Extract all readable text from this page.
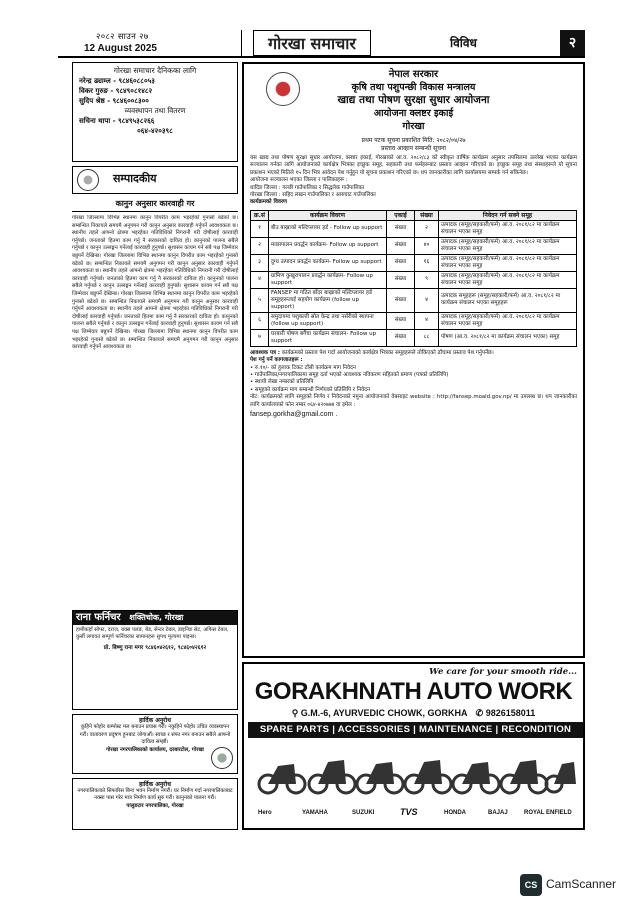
२०८२ साउन २७
12 August 2025	गोरखा समाचार	विविध	२
गोरखा समाचार दैनिकका लागि
नरेन्द्र ढ्याम्ल - ९८४६०८८०५३
विकर गुरुङ - ९८४९०८१४८२
सुदिप श्रेष्ठ - ९८४६००८३००
व्यवस्थापन तथा वितरण
सचिना थापा - ९८४९५३८२६६
०६४-४२०३९८
सम्पादकीय
कानुन अनुसार कारवाही गर
गोरखा जिल्लामा विभिन्न स्थानमा कानुन विपरीत काम भइरहेको गुनासो बढेको छ। सम्बन्धित निकायले समयमै अनुगमन गरी कानुन अनुसार कारवाही गर्नुपर्ने आवश्यकता छ। स्थानीय तहले आफ्नो क्षेत्रमा भइरहेका गतिविधिको निगरानी गरी दोषीलाई कारवाही गर्नुपर्छ। जनताको हितमा काम गर्नु नै सरकारको दायित्व हो। कानुनको पालना सबैले गर्नुपर्छ र कानुन उल्लङ्घन गर्नेलाई कारवाही हुनुपर्छ। सुशासन कायम गर्न सबै पक्ष जिम्मेवार बन्नुपर्ने देखिन्छ। गोरखा जिल्लामा विभिन्न स्थानमा कानुन विपरीत काम भइरहेको गुनासो बढेको छ। सम्बन्धित निकायले समयमै अनुगमन गरी कानुन अनुसार कारवाही गर्नुपर्ने आवश्यकता छ। स्थानीय तहले आफ्नो क्षेत्रमा भइरहेका गतिविधिको निगरानी गरी दोषीलाई कारवाही गर्नुपर्छ। जनताको हितमा काम गर्नु नै सरकारको दायित्व हो। कानुनको पालना सबैले गर्नुपर्छ र कानुन उल्लङ्घन गर्नेलाई कारवाही हुनुपर्छ। सुशासन कायम गर्न सबै पक्ष जिम्मेवार बन्नुपर्ने देखिन्छ। गोरखा जिल्लामा विभिन्न स्थानमा कानुन विपरीत काम भइरहेको गुनासो बढेको छ। सम्बन्धित निकायले समयमै अनुगमन गरी कानुन अनुसार कारवाही गर्नुपर्ने आवश्यकता छ। स्थानीय तहले आफ्नो क्षेत्रमा भइरहेका गतिविधिको निगरानी गरी दोषीलाई कारवाही गर्नुपर्छ। जनताको हितमा काम गर्नु नै सरकारको दायित्व हो। कानुनको पालना सबैले गर्नुपर्छ र कानुन उल्लङ्घन गर्नेलाई कारवाही हुनुपर्छ। सुशासन कायम गर्न सबै पक्ष जिम्मेवार बन्नुपर्ने देखिन्छ। गोरखा जिल्लामा विभिन्न स्थानमा कानुन विपरीत काम भइरहेको गुनासो बढेको छ। सम्बन्धित निकायले समयमै अनुगमन गरी कानुन अनुसार कारवाही गर्नुपर्ने आवश्यकता छ।
राना फर्निचर शक्तिचोक, गोरखा
हामीकहाँ सोफा, दराज, बक्स पलङ, बेड, सेन्टर टेबल, डाइनिङ सेट, अफिस टेबल, कुर्सी लगायत सम्पूर्ण फर्निचरका सामानहरू सुपथ मूल्यमा पाइन्छ।
प्रो. बिष्णु राना मगर ९८४६०४२६१२, ९८४६०४२६१२
हार्दिक अनुरोध
कुहिने फोहोर कम्पोस्ट मल बनाउन प्रयास गरौं। नकुहिने फोहोर उचित व्यवस्थापन गरौं। वातावरण प्रदूषण हुनबाट जोगाऔं। स्वच्छ र सफा नगर बनाउन सबैले आफ्नो दायित्व सम्झौं।
गोरखा नगरपालिकाको कार्यालय, दरबारटोल, गोरखा
हार्दिक अनुरोध
नगरपालिकाको सिफारिस बिना भवन निर्माण नगरौं। घर निर्माण गर्दा नगरपालिकाबाट नक्सा पास गरेर मात्र निर्माण कार्य सुरु गरौं। कानुनको पालना गरौं।
पालुङटार नगरपालिका, गोरखा
नेपाल सरकार
कृषि तथा पशुपन्छी विकास मन्त्रालय
खाद्य तथा पोषण सुरक्षा सुधार आयोजना
आयोजना क्लष्टर इकाई
गोरखा
प्रथम पटक सूचना प्रकाशित मिति: २०८२/०४/२७
प्रस्ताव आव्हान सम्बन्धी सूचना
यस खाद्य तथा पोषण सुरक्षा सुधार आयोजना, क्लष्टर इकाई, गोरखाको आ.व. २०८२/८३ को स्वीकृत वार्षिक कार्यक्रम अनुसार तपसिलमा उल्लेख भएका कार्यक्रम सञ्चालन गर्नका लागि आयोजनाको कार्यक्षेत्र भित्रका इच्छुक समूह, सहकारी तथा फर्महरूबाट प्रस्ताव आव्हान गरिएको छ। इच्छुक समूह तथा संस्थाहरूले यो सूचना प्रकाशन भएको मितिले १५ दिन भित्र आवेदन पेश गर्नुहुन यो सूचना प्रकाशन गरिएको छ। थप जानकारीका लागि कार्यालयमा सम्पर्क गर्न सकिनेछ।
आयोजना सञ्चालन भएका जिल्ला र पालिकाहरू :
धादिङ जिल्ला : गल्छी गाउँपालिका र सिद्धलेक गाउँपालिका
गोरखा जिल्ला : सहिद लखन गाउँपालिका र आरुघाट गाउँपालिका
कार्यक्रमको विवरण
क्र.सं	कार्यक्रम विवरण	एकाई	संख्या	निवेदन गर्न सक्ने समूह
१	बीउ बाख्राको मल्टिप्लायर हर्ड - Follow up support	संख्या	२	उत्पादक (समूह/सहकारी/फर्म) आ.व. २०८१/८२ मा कार्यक्रम संचालन भएका समूह
२	माछापालन प्रवर्द्धन कार्यक्रम- Follow up support	संख्या	४०	उत्पादक (समूह/सहकारी/फर्म) आ.व. २०८१/८२ मा कार्यक्रम संचालन भएका समूह
३	दुग्ध उत्पादन प्रवर्द्धन कार्यक्रम- Follow up support	संख्या	१६	उत्पादक (समूह/सहकारी/फर्म) आ.व. २०८१/८२ मा कार्यक्रम संचालन भएका समूह
४	ग्रामिण कुखुरापालन प्रवर्द्धन कार्यक्रम- Follow up support	संख्या	९	उत्पादक (समूह/सहकारी/फर्म) आ.व. २०८१/८२ मा कार्यक्रम संचालन भएका समूह
५	FANSEP मा गठित बाँदर बाख्राको मल्टिप्लायर हर्ड समूहहरूलाई सहयोग कार्यक्रम (follow up support)	संख्या	४	उत्पादक समूहहरू (समूह/सहकारी/फर्म) आ.व. २०८१/८२ मा कार्यक्रम संचालन भएका समूहहरू
६	समुदायमा पशुबल्ती स्रोत केन्द्र तथा नर्सरीको स्थापना (follow up support)	संख्या	४	उत्पादक (समूह/सहकारी/फर्म) आ.व. २०८१/८२ मा कार्यक्रम संचालन भएका समूह
७	घरबारी पोषण बगैंचा कार्यक्रम संचालन- Follow up support	संख्या	८८	पोषण (आ.व. २०८१/८२ मा कार्यक्रम संचालन भएका) समूह
आवश्यक पत्र : कार्यक्रमको प्रस्ताव पेश गर्दा आयोजनाको कार्यक्षेत्र भित्रका समूहहरूले तोकिएको ढाँचामा प्रस्ताव पेश गर्नुपर्नेछ।
पेश गर्नु पर्ने कागजातहरू :
• रु.१०/- को हुलाक टिकट टाँसी कार्यक्रम माग निवेदन
• गाउँपालिका/नगरपालिकामा समूह दर्ता भएको आवश्यक नविकरण सहितको प्रमाण (पत्रको प्रतिलिपि)
• स्थायी लेखा नम्बरको प्रतिलिपि
• समूहको कार्यक्रम माग सम्बन्धी निर्णयको प्रतिलिपि र निवेदन
नोट: कार्यक्रमको लागि समूहको निर्णय र निवेदनको नमुना आयोजनाको वेबसाइट website : http://fansep.moald.gov.np/ मा उपलब्ध छ। थप जानकारीका लागि कार्यालयको फोन नम्बर ०६४-४२०७७४ वा इमेल :
fansep.gorkha@gmail.com .
We care for your smooth ride...
GORAKHNATH AUTO WORK
⚲ G.M.-6, AYURVEDIC CHOWK, GORKHA ✆ 9826158011
SPARE PARTS | ACCESSORIES | MAINTENANCE | RECONDITION
Hero	YAMAHA	SUZUKI	TVS	HONDA	BAJAJ	ROYAL ENFIELD
CS CamScanner
